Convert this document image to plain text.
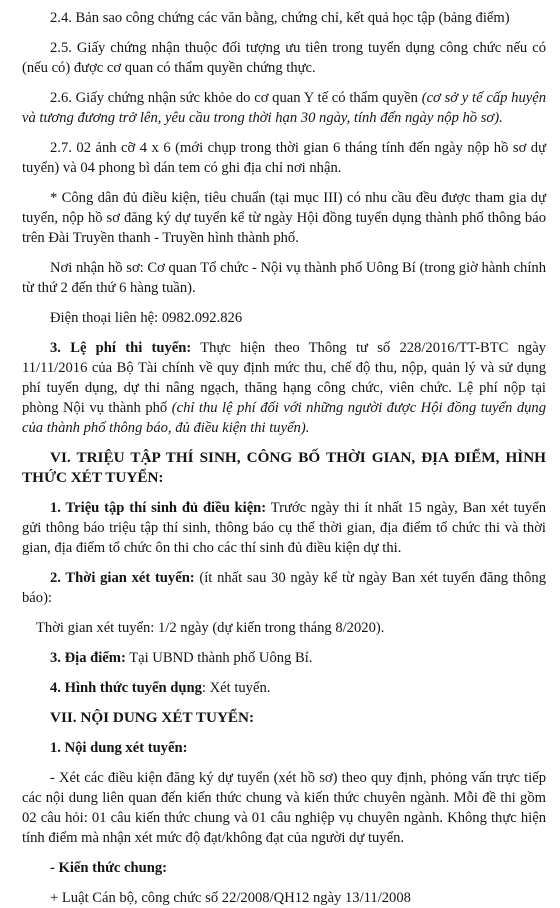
2.4. Bản sao công chứng các văn bằng, chứng chỉ, kết quả học tập (bảng điểm)

2.5. Giấy chứng nhận thuộc đối tượng ưu tiên trong tuyển dụng công chức nếu có (nếu có) được cơ quan có thẩm quyền chứng thực.

2.6. Giấy chứng nhận sức khỏe do cơ quan Y tế có thẩm quyền (cơ sở y tế cấp huyện và tương đương trở lên, yêu cầu trong thời hạn 30 ngày, tính đến ngày nộp hồ sơ).

2.7. 02 ảnh cỡ 4 x 6 (mới chụp trong thời gian 6 tháng tính đến ngày nộp hồ sơ dự tuyển) và 04 phong bì dán tem có ghi địa chỉ nơi nhận.

* Công dân đủ điều kiện, tiêu chuẩn (tại mục III) có nhu cầu đều được tham gia dự tuyển, nộp hồ sơ đăng ký dự tuyển kể từ ngày Hội đồng tuyển dụng thành phố thông báo trên Đài Truyền thanh - Truyền hình thành phố.

Nơi nhận hồ sơ: Cơ quan Tổ chức - Nội vụ thành phố Uông Bí (trong giờ hành chính từ thứ 2 đến thứ 6 hàng tuần).

Điện thoại liên hệ: 0982.092.826

3. Lệ phí thi tuyển: Thực hiện theo Thông tư số 228/2016/TT-BTC ngày 11/11/2016 của Bộ Tài chính về quy định mức thu, chế độ thu, nộp, quản lý và sử dụng phí tuyển dụng, dự thi nâng ngạch, thăng hạng công chức, viên chức. Lệ phí nộp tại phòng Nội vụ thành phố (chỉ thu lệ phí đối với những người được Hội đồng tuyển dụng của thành phố thông báo, đủ điều kiện thi tuyển).

VI. TRIỆU TẬP THÍ SINH, CÔNG BỐ THỜI GIAN, ĐỊA ĐIỂM, HÌNH THỨC XÉT TUYỂN:

1. Triệu tập thí sinh đủ điều kiện: Trước ngày thi ít nhất 15 ngày, Ban xét tuyển gửi thông báo triệu tập thí sinh, thông báo cụ thể thời gian, địa điểm tổ chức thi và thời gian, địa điểm tổ chức ôn thi cho các thí sinh đủ điều kiện dự thi.

2. Thời gian xét tuyển: (ít nhất sau 30 ngày kể từ ngày Ban xét tuyển đăng thông báo):

Thời gian xét tuyển: 1/2 ngày (dự kiến trong tháng 8/2020).

3. Địa điểm: Tại UBND thành phố Uông Bí.

4. Hình thức tuyển dụng: Xét tuyển.

VII. NỘI DUNG XÉT TUYỂN:

1. Nội dung xét tuyển:

- Xét các điều kiện đăng ký dự tuyển (xét hồ sơ) theo quy định, phỏng vấn trực tiếp các nội dung liên quan đến kiến thức chung và kiến thức chuyên ngành. Mỗi đề thi gồm 02 câu hỏi: 01 câu kiến thức chung và 01 câu nghiệp vụ chuyên ngành. Không thực hiện tính điểm mà nhận xét mức độ đạt/không đạt của người dự tuyển.

- Kiến thức chung:

+ Luật Cán bộ, công chức số 22/2008/QH12 ngày 13/11/2008
